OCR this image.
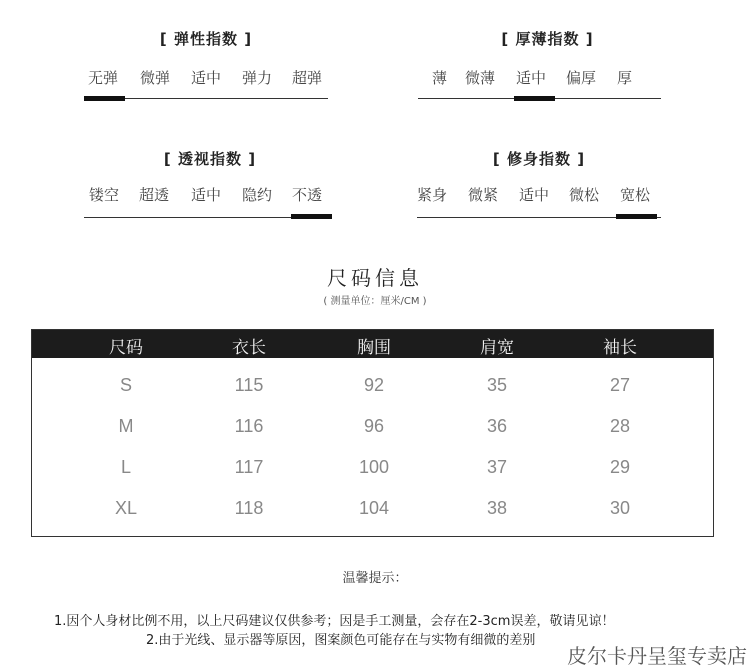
[ 弹性指数 ]
无弹 微弹 适中 弹力 超弹
[ 厚薄指数 ]
薄 微薄 适中 偏厚 厚
[ 透视指数 ]
镂空 超透 适中 隐约 不透
[ 修身指数 ]
紧身 微紧 适中 微松 宽松
尺码信息
( 测量单位：厘米/CM )
尺码	衣长	胸围	肩宽	袖长
S	115	92	35	27
M	116	96	36	28
L	117	100	37	29
XL	118	104	38	30
温馨提示：
1.因个人身材比例不用，以上尺码建议仅供参考；因是手工测量，会存在2-3cm误差，敬请见谅！
2.由于光线、显示器等原因，图案颜色可能存在与实物有细微的差别
皮尔卡丹呈玺专卖店
